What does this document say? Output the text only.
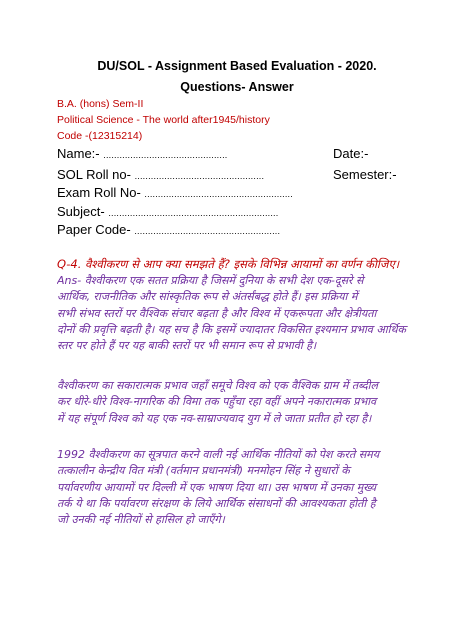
DU/SOL - Assignment Based Evaluation - 2020.
Questions- Answer
B.A. (hons) Sem-II
Political Science - The world after1945/history
Code -(12315214)
Name:- ..............................................	Date:-
SOL Roll no- ................................................	Semester:-
Exam Roll No- .......................................................
Subject- ...............................................................
Paper Code- ......................................................
Q-4. वैश्वीकरण से आप क्या समझते हैं? इसके विभिन्न आयामों का वर्णन कीजिए।
Ans- वैश्वीकरण एक सतत प्रक्रिया है जिसमें दुनिया के सभी देश एक-दूसरे से
आर्थिक, राजनीतिक और सांस्कृतिक रूप से अंतर्संबद्ध होते हैं। इस प्रक्रिया में
सभी संभव स्तरों पर वैश्विक संचार बढ़ता है और विश्व में एकरूपता और क्षेत्रीयता
दोनों की प्रवृत्ति बढ़ती है। यह सच है कि इसमें ज्यादातर विकसित इश्यमान प्रभाव आर्थिक
स्तर पर होते हैं पर यह बाकी स्तरों पर भी समान रूप से प्रभावी है।
वैश्वीकरण का सकारात्मक प्रभाव जहाँ समूचे विश्व को एक वैश्विक ग्राम में तब्दील
कर धीरे-धीरे विश्व-नागरिक की विमा तक पहुँचा रहा वहीं अपने नकारात्मक प्रभाव
में यह संपूर्ण विश्व को यह एक नव-साम्राज्यवाद युग में ले जाता प्रतीत हो रहा है।
1992 वैश्वीकरण का सूत्रपात करने वाली नई आर्थिक नीतियों को पेश करते समय
तत्कालीन केन्द्रीय वित मंत्री (वर्तमान प्रधानमंत्री) मनमोहन सिंह ने सुधारों के
पर्यावरणीय आयामों पर दिल्ली में एक भाषण दिया था। उस भाषण में उनका मुख्य
तर्क ये था कि पर्यावरण संरक्षण के लिये आर्थिक संसाधनों की आवश्यकता होती है
जो उनकी नई नीतियों से हासिल हो जाएँगे।
